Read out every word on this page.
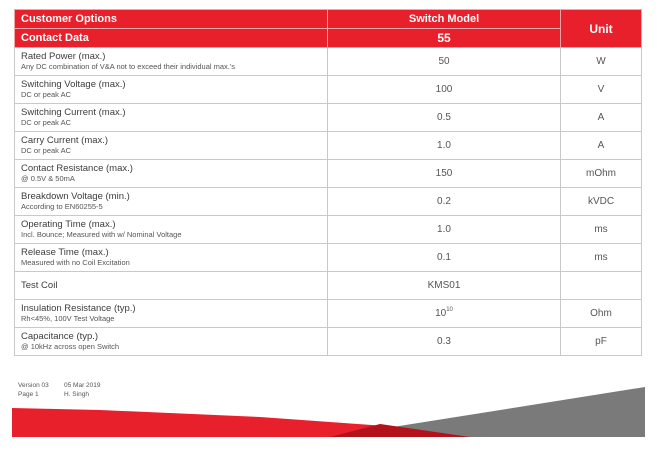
Customer Options	Switch Model	Unit
Contact Data	55	

Rated Power (max.)
Any DC combination of V&A not to exceed their individual max.'s	50	W

Switching Voltage (max.)
DC or peak AC	100	V

Switching Current (max.)
DC or peak AC	0.5	A

Carry Current (max.)
DC or peak AC	1.0	A

Contact Resistance (max.)
@ 0.5V & 50mA	150	mOhm

Breakdown Voltage (min.)
According to EN60255-5	0.2	kVDC

Operating Time (max.)
Incl. Bounce; Measured with w/ Nominal Voltage	1.0	ms

Release Time (max.)
Measured with no Coil Excitation	0.1	ms

Test Coil	KMS01	

Insulation Resistance (typ.)
Rh<45%, 100V Test Voltage	$10^{10}$	Ohm

Capacitance (typ.)
@ 10kHz across open Switch	0.3	pF
Version 03 05 Mar 2019
Page 1	H. Singh
